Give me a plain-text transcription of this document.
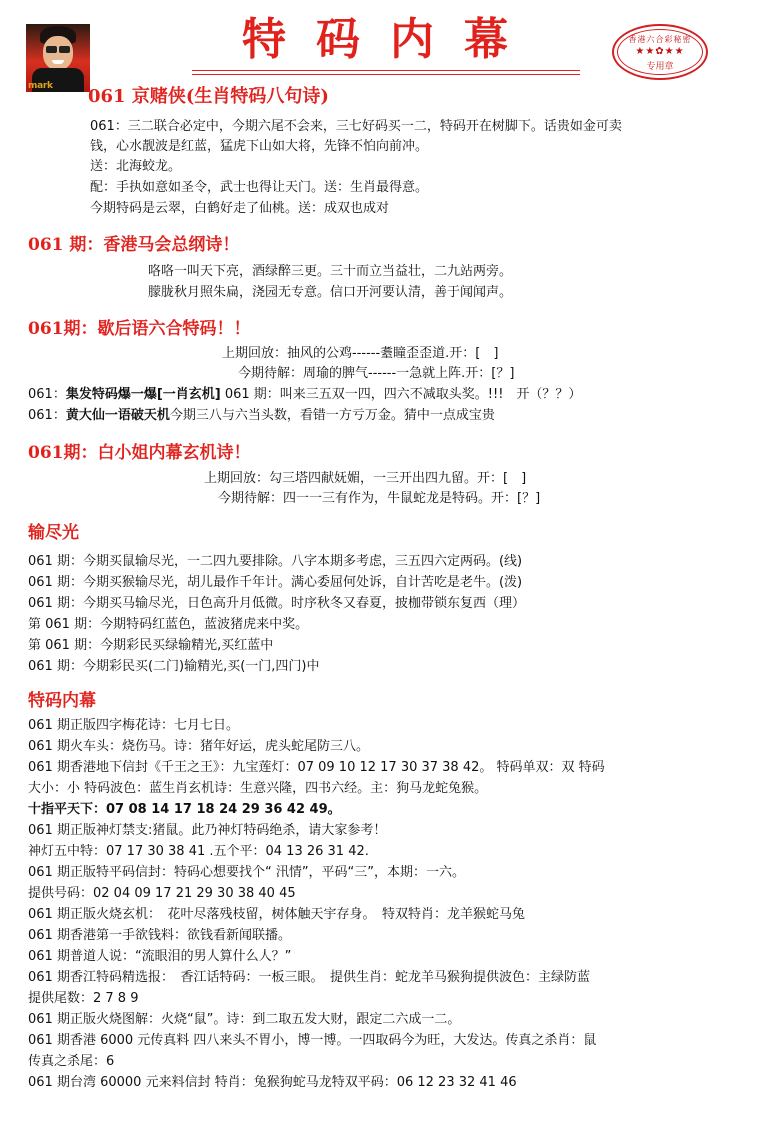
mark
特码内幕	香港六合彩秘密
★★✿★★
专用章
061 京赌侠(生肖特码八句诗)
061：三二联合必定中，今期六尾不会来，三七好码买一二，特码开在树脚下。话贵如金可卖
钱，心水靓波是红蓝，猛虎下山如大将，先锋不怕向前冲。
送：北海蛟龙。
配：手执如意如圣令，武士也得让天门。送：生肖最得意。
今期特码是云翠，白鹤好走了仙桃。送：成双也成对
061 期：香港马会总纲诗！
咯咯一叫天下亮，酒绿醉三更。三十而立当益壮，二九站两旁。
朦胧秋月照朱扁，浇园无专意。信口开河要认清，善于闻闻声。
061期：歇后语六合特码！！
上期回放：抽风的公鸡------耋瞳歪歪道.开：[　]
今期待解：周瑜的脾气------一急就上阵.开：[？]
061：集发特码爆一爆[一肖玄机] 061 期：叫来三五双一四，四六不减取头奖。!!!　开（？？）
061：黄大仙一语破天机今期三八与六当头数，看错一方亏万金。猜中一点成宝贵
061期：白小姐内幕玄机诗！
上期回放：勾三塔四献妩媚，一三开出四九留。开：[　]
今期待解：四一一三有作为，牛鼠蛇龙是特码。开：[？]
输尽光
061 期：今期买鼠输尽光，一二四九要排除。八字本期多考虑，三五四六定两码。(线)
061 期：今期买猴输尽光，胡儿最作千年计。满心委屈何处诉，自计苦吃是老牛。(泼)
061 期：今期买马输尽光，日色高升月低微。时序秋冬又春夏，披枷带锁东复西（理）
第 061 期：今期特码红蓝色，蓝波猪虎来中奖。
第 061 期：今期彩民买绿输精光,买红蓝中
061 期：今期彩民买(二门)输精光,买(一门,四门)中
特码内幕
061 期正版四字梅花诗：七月七日。
061 期火车头：烧伤马。诗：猪年好运，虎头蛇尾防三八。
061 期香港地下信封《千王之王》：九宝莲灯：07 09 10 12 17 30 37 38 42。 特码单双：双 特码
大小：小 特码波色：蓝生肖玄机诗：生意兴隆，四书六经。主：狗马龙蛇兔猴。
十指平天下：07 08 14 17 18 24 29 36 42 49。
061 期正版神灯禁支:猪鼠。此乃神灯特码绝杀，请大家参考！
神灯五中特：07 17 30 38 41 .五个平：04 13 26 31 42.
061 期正版特平码信封：特码心想要找个“ 汛情”，平码“三”，本期：一六。
提供号码：02 04 09 17 21 29 30 38 40 45
061 期正版火烧玄机：　花叶尽落残枝留，树体触天宇存身。　特双特肖：龙羊猴蛇马兔
061 期香港第一手欲钱料：欲钱看新闻联播。
061 期普道人说：“流眼泪的男人算什么人？”
061 期香江特码精选报：　香江话特码：一板三眼。　提供生肖：蛇龙羊马猴狗提供波色：主绿防蓝
提供尾数：2 7 8 9
061 期正版火烧图解：火烧“鼠”。诗：到二取五发大财，跟定二六成一二。
061 期香港 6000 元传真料 四八来头不胃小，博一博。一四取码今为旺，大发达。传真之杀肖：鼠
传真之杀尾：6
061 期台湾 60000 元来料信封 特肖：兔猴狗蛇马龙特双平码：06 12 23 32 41 46
